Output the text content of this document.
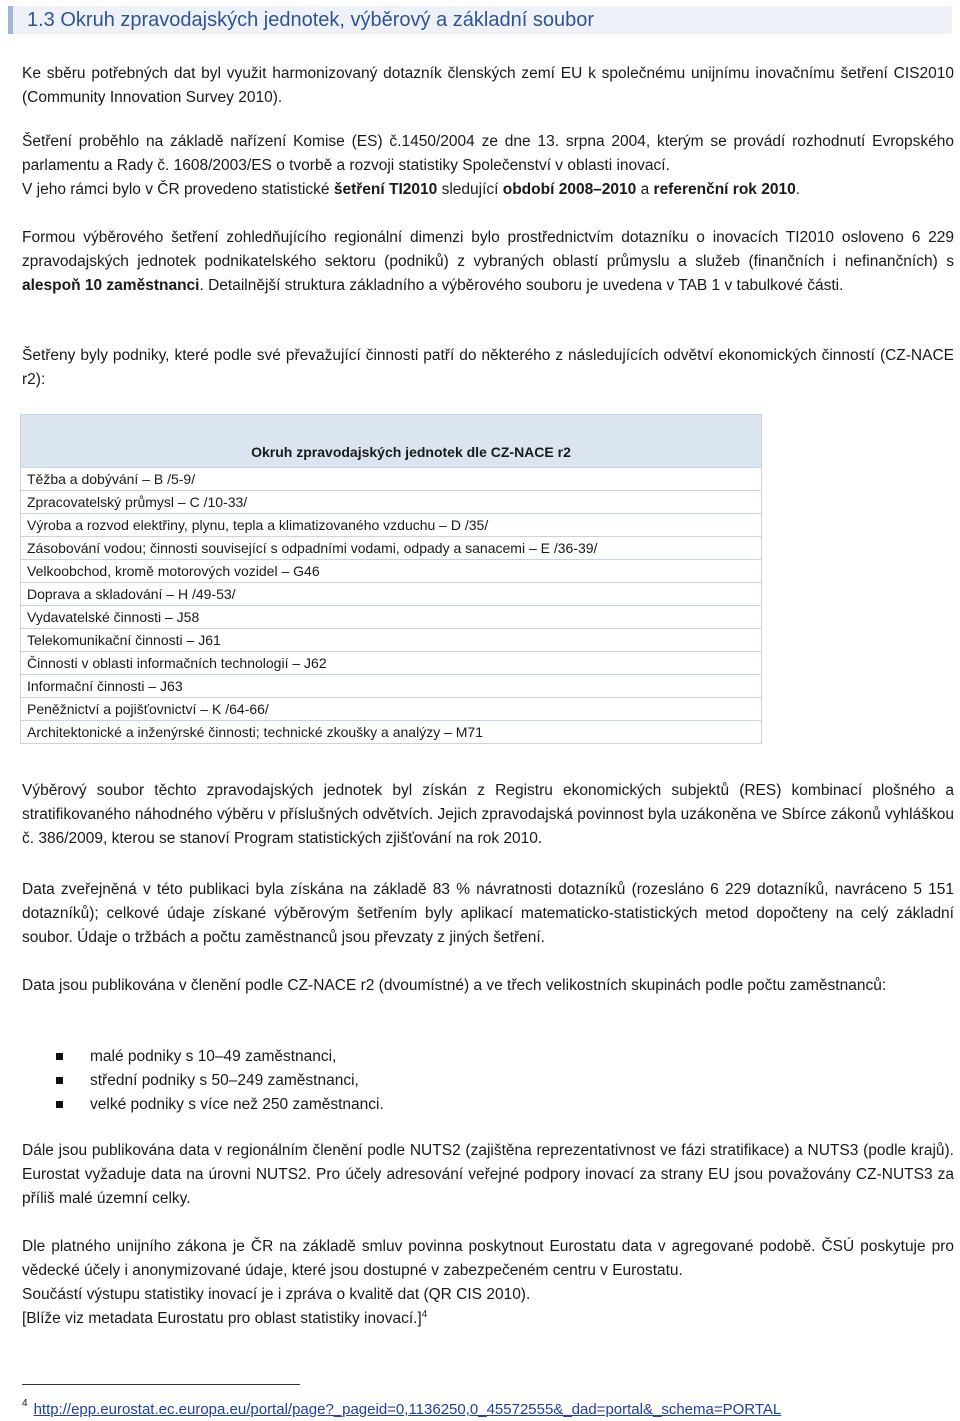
1.3 Okruh zpravodajských jednotek, výběrový a základní soubor

Ke sběru potřebných dat byl využit harmonizovaný dotazník členských zemí EU k společnému unijnímu inovačnímu šetření CIS2010 (Community Innovation Survey 2010).

Šetření proběhlo na základě nařízení Komise (ES) č.1450/2004 ze dne 13. srpna 2004, kterým se provádí rozhodnutí Evropského parlamentu a Rady č. 1608/2003/ES o tvorbě a rozvoji statistiky Společenství v oblasti inovací.
V jeho rámci bylo v ČR provedeno statistické šetření TI2010 sledující období 2008–2010 a referenční rok 2010.

Formou výběrového šetření zohledňujícího regionální dimenzi bylo prostřednictvím dotazníku o inovacích TI2010 osloveno 6 229 zpravodajských jednotek podnikatelského sektoru (podniků) z vybraných oblastí průmyslu a služeb (finančních i nefinančních) s alespoň 10 zaměstnanci. Detailnější struktura základního a výběrového souboru je uvedena v TAB 1 v tabulkové části.

Šetřeny byly podniky, které podle své převažující činnosti patří do některého z následujících odvětví ekonomických činností (CZ-NACE r2):

Okruh zpravodajských jednotek dle CZ-NACE r2
Těžba a dobývání – B /5-9/
Zpracovatelský průmysl – C /10-33/
Výroba a rozvod elektřiny, plynu, tepla a klimatizovaného vzduchu – D /35/
Zásobování vodou; činnosti související s odpadními vodami, odpady a sanacemi – E /36-39/
Velkoobchod, kromě motorových vozidel – G46
Doprava a skladování – H /49-53/
Vydavatelské činnosti – J58
Telekomunikační činnosti – J61
Činnosti v oblasti informačních technologií – J62
Informační činnosti – J63
Peněžnictví a pojišťovnictví – K /64-66/
Architektonické a inženýrské činnosti; technické zkoušky a analýzy – M71

Výběrový soubor těchto zpravodajských jednotek byl získán z Registru ekonomických subjektů (RES) kombinací plošného a stratifikovaného náhodného výběru v příslušných odvětvích. Jejich zpravodajská povinnost byla uzákoněna ve Sbírce zákonů vyhláškou č. 386/2009, kterou se stanoví Program statistických zjišťování na rok 2010.

Data zveřejněná v této publikaci byla získána na základě 83 % návratnosti dotazníků (rozesláno 6 229 dotazníků, navráceno 5 151 dotazníků); celkové údaje získané výběrovým šetřením byly aplikací matematicko-statistických metod dopočteny na celý základní soubor. Údaje o tržbách a počtu zaměstnanců jsou převzaty z jiných šetření.

Data jsou publikována v členění podle CZ-NACE r2 (dvoumístné) a ve třech velikostních skupinách podle počtu zaměstnanců:

malé podniky s 10–49 zaměstnanci,
střední podniky s 50–249 zaměstnanci,
velké podniky s více než 250 zaměstnanci.

Dále jsou publikována data v regionálním členění podle NUTS2 (zajištěna reprezentativnost ve fázi stratifikace) a NUTS3 (podle krajů). Eurostat vyžaduje data na úrovni NUTS2. Pro účely adresování veřejné podpory inovací za strany EU jsou považovány CZ-NUTS3 za příliš malé územní celky.

Dle platného unijního zákona je ČR na základě smluv povinna poskytnout Eurostatu data v agregované podobě. ČSÚ poskytuje pro vědecké účely i anonymizované údaje, které jsou dostupné v zabezpečeném centru v Eurostatu.
Součástí výstupu statistiky inovací je i zpráva o kvalitě dat (QR CIS 2010).
[Blíže viz metadata Eurostatu pro oblast statistiky inovací.]$^4$
$^4$ http://epp.eurostat.ec.europa.eu/portal/page?_pageid=0,1136250,0_45572555&_dad=portal&_schema=PORTAL
